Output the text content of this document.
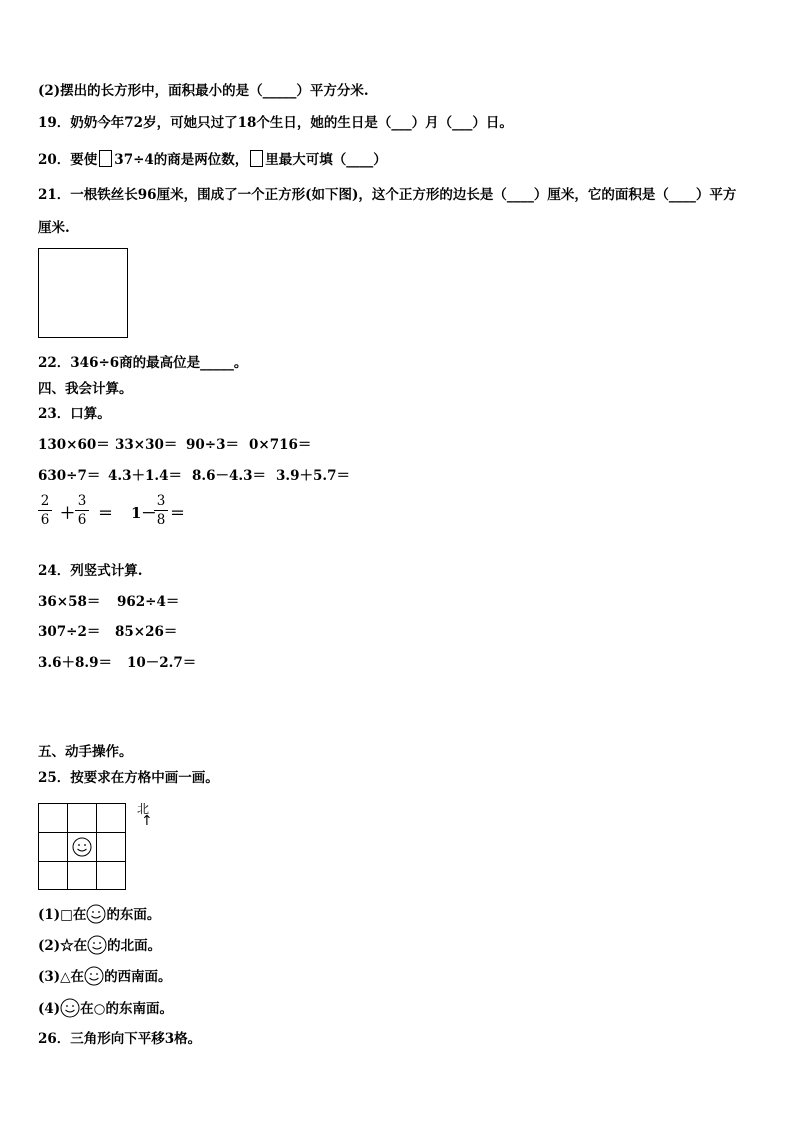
(2)摆出的长方形中，面积最小的是（_____）平方分米.
19．奶奶今年72岁，可她只过了18个生日，她的生日是（___）月（___）日。
20．要使 37÷4的商是两位数， 里最大可填（____）
21．一根铁丝长96厘米，围成了一个正方形(如下图)，这个正方形的边长是（____）厘米，它的面积是（____）平方
厘米.
22．346÷6商的最高位是_____。
四、我会计算。
23．口算。
130×60＝ 33×30＝ 90÷3＝ 0×716＝
630÷7＝ 4.3＋1.4＝ 8.6－4.3＝ 3.9＋5.7＝
2
6 ＋
3
6 ＝ 1－
3
8 ＝
24．列竖式计算.
36×58＝ 962÷4＝
307÷2＝ 85×26＝
3.6＋8.9＝ 10－2.7＝
五、动手操作。
25．按要求在方格中画一画。
北
↑
(1)□在 的东面。
(2)☆在 的北面。
(3)△在 的西南面。
(4) 在○的东南面。
26．三角形向下平移3格。
